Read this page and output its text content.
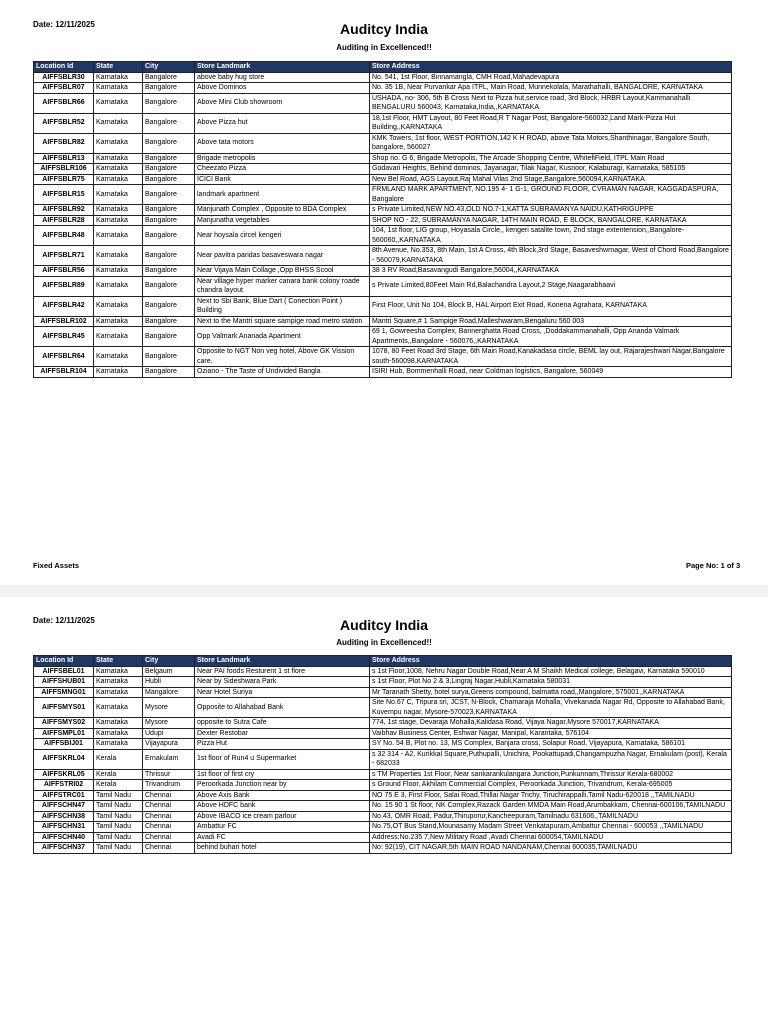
Date: 12/11/2025	Auditcy India
Auditing in Excellenced!!
Location Id	State	City	Store Landmark	Store Address
AIFFSBLR30	Karnataka	Bangalore	above baby hug store	No. 541, 1st Floor, Binnamangla, CMH Road,Mahadevapura
AIFFSBLR07	Karnataka	Bangalore	Above Dominos	No. 35 1B, Near Purvankar Apa ITPL, Main Road, Munnekolala, Marathahalli, BANGALORE, KARNATAKA
AIFFSBLR66	Karnataka	Bangalore	Above Mini Club showroom	USHADA, no- 306, 5th B Cross Next to Pizza hut,service road, 3rd Block, HRBR Layout,Kammanahalli BENGALURU 560043, Karnataka,India,,KARNATAKA
AIFFSBLR52	Karnataka	Bangalore	Above Pizza hut	18,1st Floor, HMT Layout, 80 Feet Road,R T Nagar Post, Bangalore-560032,Land Mark-Pizza Hut Building,,KARNATAKA
AIFFSBLR82	Karnataka	Bangalore	Above tata motors	KMK Towers, 1st floor, WEST PORTION,142 K H ROAD, above Tata Motors,Shanthinagar, Bangalore South, bangalore, 560027
AIFFSBLR13	Karnataka	Bangalore	Brigade metropolis	Shop no. G 6, Brigade Metropolis, The Arcade Shopping Centre, WhitefiField, ITPL Main Road
AIFFSBLR106	Karnataka	Bangalore	Cheezato Pizza	Godavari Heights, Behind dominos, Jayanagar, Tilak Nagar, Kusnoor, Kalaburagi, Karnataka, 585105
AIFFSBLR75	Karnataka	Bangalore	ICICI Bank	New Bel Road, AGS Layout,Raj Mahal Vilas 2nd Stage,Bangalore,560094,KARNATAKA
AIFFSBLR15	Karnataka	Bangalore	landmark apartment	FRMLAND MARK APARTMENT, NO.195 4- 1 G-1, GROUND FLOOR, CVRAMAN NAGAR, KAGGADASPURA, Bangalore
AIFFSBLR92	Karnataka	Bangalore	Manjunath Complex , Opposite to BDA Complex	s Private Limited,NEW NO.43,OLD NO.7-1,KATTA SUBRAMANYA NAIDU,KATHRIGUPPE
AIFFSBLR28	Karnataka	Bangalore	Manjunatha vegetables	SHOP NO - 22, SUBRAMANYA NAGAR, 14TH MAIN ROAD, E BLOCK, BANGALORE, KARNATAKA
AIFFSBLR48	Karnataka	Bangalore	Near hoysala circel kengeri	104, 1st floor, LIG group, Hoyasala Circle,, kengeri satalite town, 2nd stage extentension,,Bangalore-560060,,KARNATAKA
AIFFSBLR71	Karnataka	Bangalore	Near pavitra paridas basaveswara nagar	8th Avenue, No.353, 8th Main, 1st A Cross, 4th Block,3rd Stage, Basaveshwrnagar, West of Chord Road,Bangalore - 560079,KARNATAKA
AIFFSBLR56	Karnataka	Bangalore	Near Vijaya Main Collage ,Opp BHSS Scool	38 3 RV Road,Basavangudi Bangalore,56004,,KARNATAKA
AIFFSBLR89	Karnataka	Bangalore	Near village hyper marker canara bank colony roade chandra layout	s Private Limited,80Feet Main Rd,Balachandra Layout,2 Stage,Naagarabhaavi
AIFFSBLR42	Karnataka	Bangalore	Next to Sbi Bank, Blue Dart ( Conection Point ) Building	First Floor, Unit No 104, Block B, HAL Airport Exit Road, Konena Agrahara, KARNATAKA
AIFFSBLR102	Karnataka	Bangalore	Next to the Mantri square sampige road metro station	Mantri Square,# 1 Sampige Road,Malleshwaram,Bengaluru 560 003
AIFFSBLR45	Karnataka	Bangalore	Opp Valmark Ananada Apartment	69 1, Gowreesha Complex, Bannerghatta Road Cross, ,Doddakammanahalli, Opp Ananda Valmark Apartments,,Bangalore - 560076,,KARNATAKA
AIFFSBLR64	Karnataka	Bangalore	Opposite to NGT Non veg hotel, Above GK Vission care.	1078, 80 Feet Road 3rd Stage, 6th Main Road,Kanakadasa circle, BEML lay out, Rajarajeshwari Nagar,Bangalore south-560098,KARNATAKA
AIFFSBLR104	Karnataka	Bangalore	Oziano - The Taste of Undivided Bangla	ISIRI Hub, Bommenhalli Road, near Coldman logistics, Bangalore, 560049
Fixed Assets	Page No: 1 of 3
Date: 12/11/2025	Auditcy India
Auditing in Excellenced!!
Location Id	State	City	Store Landmark	Store Address
AIFFSBEL01	Karnataka	Belgaum	Near PAI foods Resturent 1 st flore	s 1st Floor,1008, Nehru Nagar Double Road,Near A M Shaikh Medical college, Belagavi, Karnataka 590010
AIFFSHUB01	Karnataka	Hubli	Near by Sideshwara Park	s 1st Floor, Plot No 2 & 3,Lingraj Nagar,Hubli,Karnataka 580031
AIFFSMNG01	Karnataka	Mangalore	Near Hotel Suriya	Mr Taranath Shetty, hotel surya,Greens compound, balmatta road,,Mangalore, 575001,,KARNATAKA
AIFFSMYS01	Karnataka	Mysore	Opposite to Allahabad Bank	Site No.67 C, Tripura sri, JCST, N-Block, Chamaraja Mohalla, Vivekanada Nagar Rd, Opposite to Allahabad Bank, Kuvempu nagar, Mysore-570023,KARNATAKA
AIFFSMYS02	Karnataka	Mysore	opposite to Sutra Cafe	774, 1st stage, Devaraja Mohalla,Kalidasa Road, Vijaya Nagar,Mysore 570017,KARNATAKA
AIFFSMPL01	Karnataka	Udupi	Dexter Restobar	Vaibhav Business Center, Eshwar Nagar, Manipal, Karantaka, 576104
AIFFSBIJ01	Karnataka	Vijayapura	Pizza Hut	SY No. 54 B, Plot no. 13, MS Complex, Banjara cross, Solapur Road, Vijayapura, Karnataka, 586101
AIFFSKRL04	Kerala	Ernakulam	1st floor of Run4 u Supermarket	s 32 314 - A2, Kurikkal Square,Puthupalli, Unichira, Pookattupadi,Changampuzha Nagar, Ernakulam (post), Kerala - 682033
AIFFSKRL05	Kerala	Thrissur	1st floor of first cry	s TM Properties 1st Floor, Near sankarankulangara Junction,Punkunnam,Thrissur Kerala-680002
AIFFSTRI02	Kerala	Trivandrum	Peroorkada Junction near by	s Ground Floor, Akhilam Commercial Complex, Peroorkada Junction, Trivandrum, Kerala-695005
AIFFSTRC01	Tamil Nadu	Chennai	Above Axis Bank	NO 75 E 3, First Floor, Salai Road,Thillai Nagar Trichy, Tiruchirappalli,Tamil Nadu-620018 ,,TAMILNADU
AIFFSCHN47	Tamil Nadu	Chennai	Above HDFC bank	No. 15 90 1 St floor, NK Complex,Razack Garden MMDA Main Road,Arumbakkam, Chennai-600106,TAMILNADU
AIFFSCHN38	Tamil Nadu	Chennai	Above IBACO ice cream parlour	No.43, OMR Road, Padur,Thiruporur,Kancheepuram,Tamilnadu 631606,,TAMILNADU
AIFFSCHN31	Tamil Nadu	Chennai	Ambattur FC	No.75,OT Bus Stand,Mounasamy Madam Street Venkatapuram,Ambattur Chennai - 600053 ,,TAMILNADU
AIFFSCHN40	Tamil Nadu	Chennai	Avadi FC	Address:No.235 7,New Military Road ,Avadi Chennai 600054,TAMILNADU
AIFFSCHN37	Tamil Nadu	Chennai	behind buhari hotel	No: 92(19), CIT NAGAR,5th MAIN ROAD NANDANAM,Chennai 600035,TAMILNADU
